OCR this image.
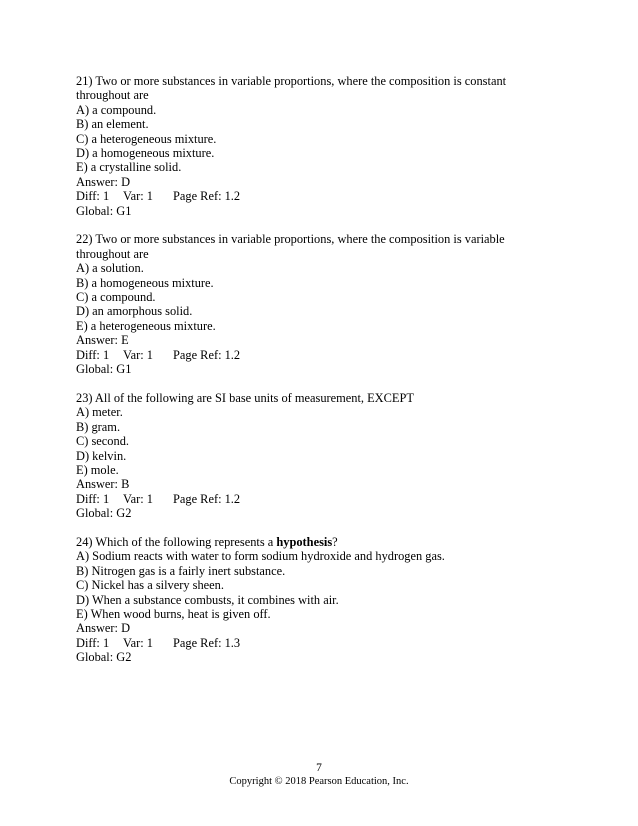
21) Two or more substances in variable proportions, where the composition is constant throughout are
A) a compound.
B) an element.
C) a heterogeneous mixture.
D) a homogeneous mixture.
E) a crystalline solid.
Answer: D
Diff: 1 Var: 1 Page Ref: 1.2
Global: G1
22) Two or more substances in variable proportions, where the composition is variable throughout are
A) a solution.
B) a homogeneous mixture.
C) a compound.
D) an amorphous solid.
E) a heterogeneous mixture.
Answer: E
Diff: 1 Var: 1 Page Ref: 1.2
Global: G1
23) All of the following are SI base units of measurement, EXCEPT
A) meter.
B) gram.
C) second.
D) kelvin.
E) mole.
Answer: B
Diff: 1 Var: 1 Page Ref: 1.2
Global: G2
24) Which of the following represents a hypothesis?
A) Sodium reacts with water to form sodium hydroxide and hydrogen gas.
B) Nitrogen gas is a fairly inert substance.
C) Nickel has a silvery sheen.
D) When a substance combusts, it combines with air.
E) When wood burns, heat is given off.
Answer: D
Diff: 1 Var: 1 Page Ref: 1.3
Global: G2
7
Copyright © 2018 Pearson Education, Inc.
